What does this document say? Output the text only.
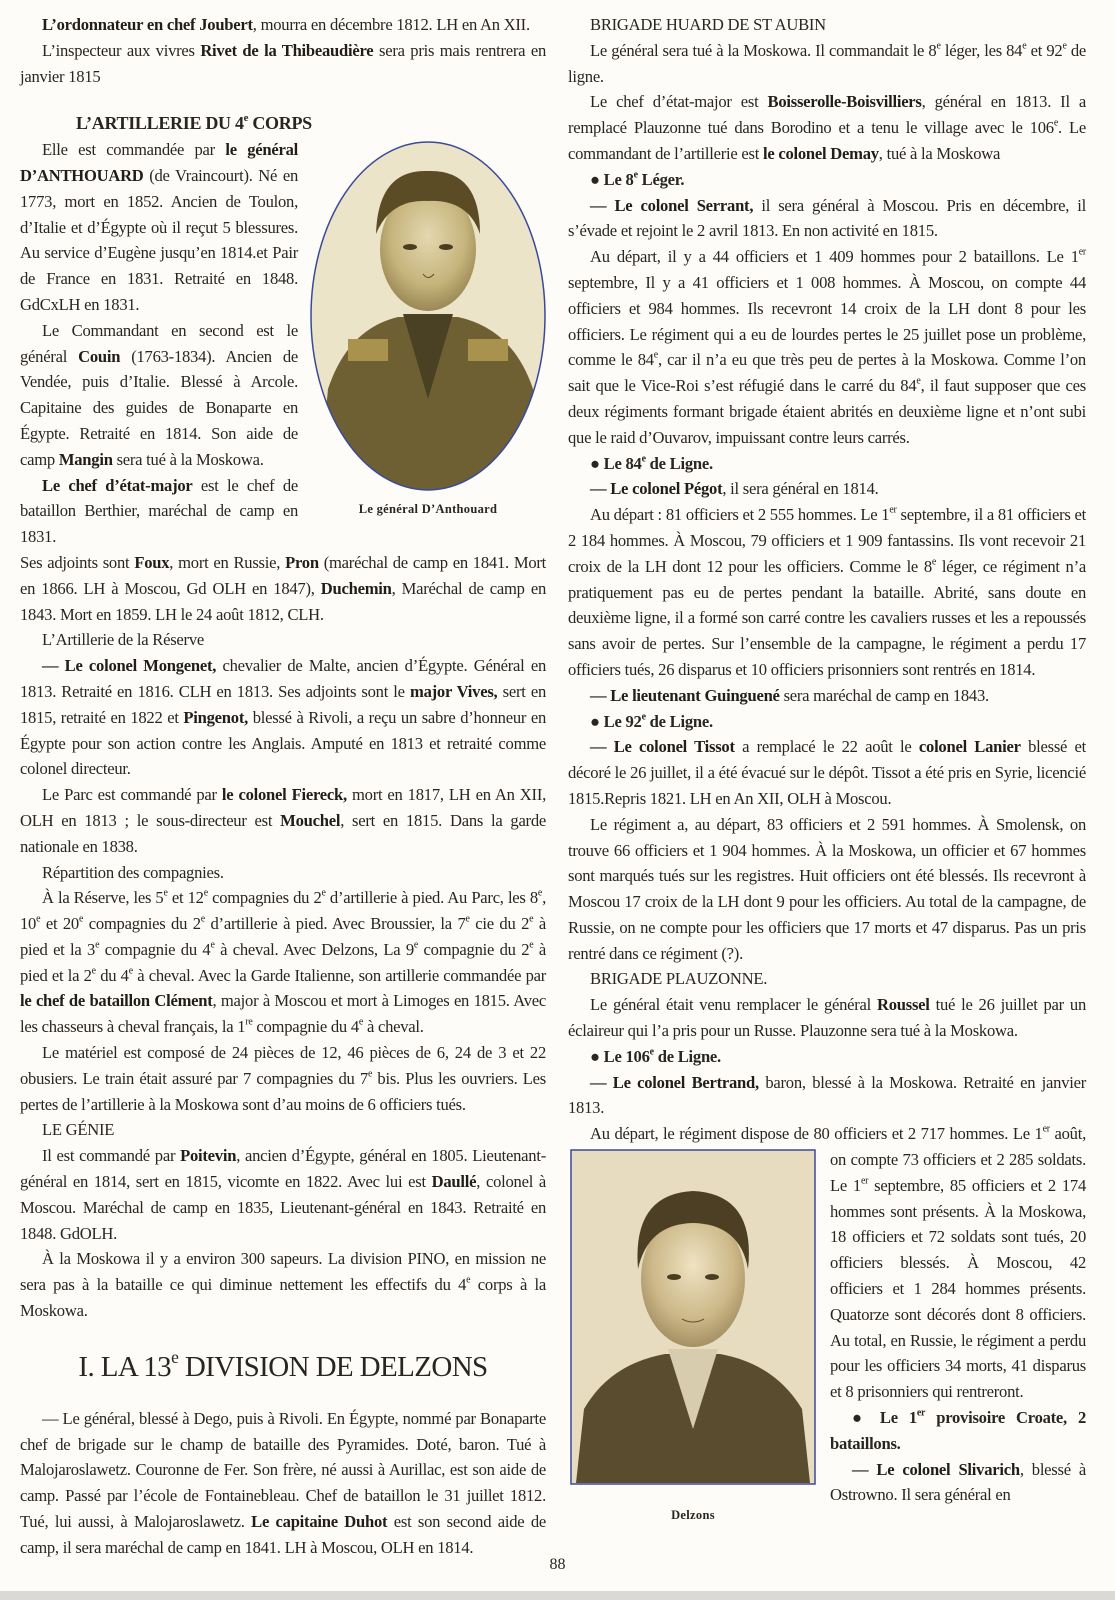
L’ordonnateur en chef Joubert, mourra en décembre 1812. LH en An XII.

L’inspecteur aux vivres Rivet de la Thibeaudière sera pris mais rentrera en janvier 1815

L’ARTILLERIE DU 4e CORPS
Le général D’Anthouard

Elle est commandée par le général D’ANTHOUARD (de Vraincourt). Né en 1773, mort en 1852. Ancien de Toulon, d’Italie et d’Égypte où il reçut 5 blessures. Au service d’Eugène jusqu’en 1814.et Pair de France en 1831. Retraité en 1848. GdCxLH en 1831.

Le Commandant en second est le général Couin (1763-1834). Ancien de Vendée, puis d’Italie. Blessé à Arcole. Capitaine des guides de Bonaparte en Égypte. Retraité en 1814. Son aide de camp Mangin sera tué à la Moskowa.

Le chef d’état-major est le chef de bataillon Berthier, maréchal de camp en 1831.

Ses adjoints sont Foux, mort en Russie, Pron (maréchal de camp en 1841. Mort en 1866. LH à Moscou, Gd OLH en 1847), Duchemin, Maréchal de camp en 1843. Mort en 1859. LH le 24 août 1812, CLH.

L’Artillerie de la Réserve

— Le colonel Mongenet, chevalier de Malte, ancien d’Égypte. Général en 1813. Retraité en 1816. CLH en 1813. Ses adjoints sont le major Vives, sert en 1815, retraité en 1822 et Pingenot, blessé à Rivoli, a reçu un sabre d’honneur en Égypte pour son action contre les Anglais. Amputé en 1813 et retraité comme colonel directeur.

Le Parc est commandé par le colonel Fiereck, mort en 1817, LH en An XII, OLH en 1813 ; le sous-directeur est Mouchel, sert en 1815. Dans la garde nationale en 1838.

Répartition des compagnies.

À la Réserve, les 5e et 12e compagnies du 2e d’artillerie à pied. Au Parc, les 8e, 10e et 20e compagnies du 2e d’artillerie à pied. Avec Broussier, la 7e cie du 2e à pied et la 3e compagnie du 4e à cheval. Avec Delzons, La 9e compagnie du 2e à pied et la 2e du 4e à cheval. Avec la Garde Italienne, son artillerie commandée par le chef de bataillon Clément, major à Moscou et mort à Limoges en 1815. Avec les chasseurs à cheval français, la 1re compagnie du 4e à cheval.

Le matériel est composé de 24 pièces de 12, 46 pièces de 6, 24 de 3 et 22 obusiers. Le train était assuré par 7 compagnies du 7e bis. Plus les ouvriers. Les pertes de l’artillerie à la Moskowa sont d’au moins de 6 officiers tués.

LE GÉNIE

Il est commandé par Poitevin, ancien d’Égypte, général en 1805. Lieutenant-général en 1814, sert en 1815, vicomte en 1822. Avec lui est Daullé, colonel à Moscou. Maréchal de camp en 1835, Lieutenant-général en 1843. Retraité en 1848. GdOLH.

À la Moskowa il y a environ 300 sapeurs. La division PINO, en mission ne sera pas à la bataille ce qui diminue nettement les effectifs du 4e corps à la Moskowa.

I. LA 13e DIVISION DE DELZONS

— Le général, blessé à Dego, puis à Rivoli. En Égypte, nommé par Bonaparte chef de brigade sur le champ de bataille des Pyramides. Doté, baron. Tué à Malojaroslawetz. Couronne de Fer. Son frère, né aussi à Aurillac, est son aide de camp. Passé par l’école de Fontainebleau. Chef de bataillon le 31 juillet 1812. Tué, lui aussi, à Malojaroslawetz. Le capitaine Duhot est son second aide de camp, il sera maréchal de camp en 1841. LH à Moscou, OLH en 1814.

BRIGADE HUARD DE ST AUBIN

Le général sera tué à la Moskowa. Il commandait le 8e léger, les 84e et 92e de ligne.

Le chef d’état-major est Boisserolle-Boisvilliers, général en 1813. Il a remplacé Plauzonne tué dans Borodino et a tenu le village avec le 106e. Le commandant de l’artillerie est le colonel Demay, tué à la Moskowa

● Le 8e Léger.

— Le colonel Serrant, il sera général à Moscou. Pris en décembre, il s’évade et rejoint le 2 avril 1813. En non activité en 1815.

Au départ, il y a 44 officiers et 1 409 hommes pour 2 bataillons. Le 1er septembre, Il y a 41 officiers et 1 008 hommes. À Moscou, on compte 44 officiers et 984 hommes. Ils recevront 14 croix de la LH dont 8 pour les officiers. Le régiment qui a eu de lourdes pertes le 25 juillet pose un problème, comme le 84e, car il n’a eu que très peu de pertes à la Moskowa. Comme l’on sait que le Vice-Roi s’est réfugié dans le carré du 84e, il faut supposer que ces deux régiments formant brigade étaient abrités en deuxième ligne et n’ont subi que le raid d’Ouvarov, impuissant contre leurs carrés.

● Le 84e de Ligne.

— Le colonel Pégot, il sera général en 1814.

Au départ : 81 officiers et 2 555 hommes. Le 1er septembre, il a 81 officiers et 2 184 hommes. À Moscou, 79 officiers et 1 909 fantassins. Ils vont recevoir 21 croix de la LH dont 12 pour les officiers. Comme le 8e léger, ce régiment n’a pratiquement pas eu de pertes pendant la bataille. Abrité, sans doute en deuxième ligne, il a formé son carré contre les cavaliers russes et les a repoussés sans avoir de pertes. Sur l’ensemble de la campagne, le régiment a perdu 17 officiers tués, 26 disparus et 10 officiers prisonniers sont rentrés en 1814.

— Le lieutenant Guinguené sera maréchal de camp en 1843.

● Le 92e de Ligne.

— Le colonel Tissot a remplacé le 22 août le colonel Lanier blessé et décoré le 26 juillet, il a été évacué sur le dépôt. Tissot a été pris en Syrie, licencié 1815.Repris 1821. LH en An XII, OLH à Moscou.

Le régiment a, au départ, 83 officiers et 2 591 hommes. À Smolensk, on trouve 66 officiers et 1 904 hommes. À la Moskowa, un officier et 67 hommes sont marqués tués sur les registres. Huit officiers ont été blessés. Ils recevront à Moscou 17 croix de la LH dont 9 pour les officiers. Au total de la campagne, de Russie, on ne compte pour les officiers que 17 morts et 47 disparus. Pas un pris rentré dans ce régiment (?).

BRIGADE PLAUZONNE.

Le général était venu remplacer le général Roussel tué le 26 juillet par un éclaireur qui l’a pris pour un Russe. Plauzonne sera tué à la Moskowa.

● Le 106e de Ligne.

— Le colonel Bertrand, baron, blessé à la Moskowa. Retraité en janvier 1813.

Delzons

Au départ, le régiment dispose de 80 officiers et 2 717 hommes. Le 1er août, on compte 73 officiers et 2 285 soldats. Le 1er septembre, 85 officiers et 2 174 hommes sont présents. À la Moskowa, 18 officiers et 72 soldats sont tués, 20 officiers blessés. À Moscou, 42 officiers et 1 284 hommes présents. Quatorze sont décorés dont 8 officiers. Au total, en Russie, le régiment a perdu pour les officiers 34 morts, 41 disparus et 8 prisonniers qui rentreront.

● Le 1er provisoire Croate, 2 bataillons.

— Le colonel Slivarich, blessé à Ostrowno. Il sera général en

88
